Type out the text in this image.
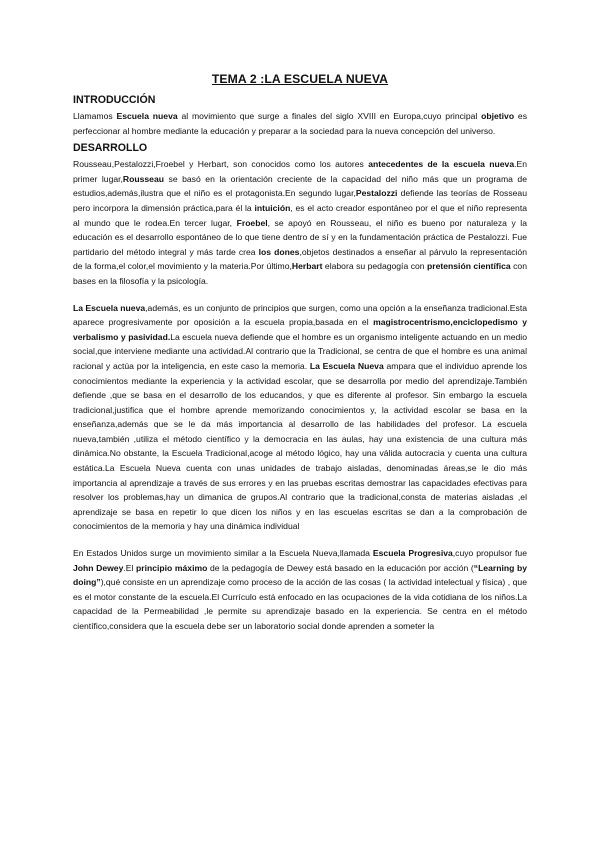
TEMA 2 :LA ESCUELA NUEVA
INTRODUCCIÓN

Llamamos Escuela nueva al movimiento que surge a finales del siglo XVIII en Europa,cuyo principal objetivo es perfeccionar al hombre mediante la educación y preparar a la sociedad para la nueva concepción del universo.

DESARROLLO

Rousseau,Pestalozzi,Froebel y Herbart, son conocidos como los autores antecedentes de la escuela nueva.En primer lugar,Rousseau se basó en la orientación creciente de la capacidad del niño más que un programa de estudios,además,ilustra que el niño es el protagonista.En segundo lugar,Pestalozzi defiende las teorías de Rosseau pero incorpora la dimensión práctica,para él la intuición, es el acto creador espontáneo por el que el niño representa al mundo que le rodea.En tercer lugar, Froebel, se apoyó en Rousseau, el niño es bueno por naturaleza y la educación es el desarrollo espontáneo de lo que tiene dentro de sí y en la fundamentación práctica de Pestalozzi. Fue partidario del método integral y más tarde crea los dones,objetos destinados a enseñar al párvulo la representación de la forma,el color,el movimiento y la materia.Por último,Herbart elabora su pedagogía con pretensión científica con bases en la filosofía y la psicología.

La Escuela nueva,además, es un conjunto de principios que surgen, como una opción a la enseñanza tradicional.Esta aparece progresivamente por oposición a la escuela propia,basada en el magistrocentrismo,enciclopedismo y verbalismo y pasividad.La escuela nueva defiende que el hombre es un organismo inteligente actuando en un medio social,que interviene mediante una actividad.Al contrario que la Tradicional, se centra de que el hombre es una animal racional y actúa por la inteligencia, en este caso la memoria. La Escuela Nueva ampara que el individuo aprende los conocimientos mediante la experiencia y la actividad escolar, que se desarrolla por medio del aprendizaje.También defiende ,que se basa en el desarrollo de los educandos, y que es diferente al profesor. Sin embargo la escuela tradicional,justifica que el hombre aprende memorizando conocimientos y, la actividad escolar se basa en la enseñanza,además que se le da más importancia al desarrollo de las habilidades del profesor. La escuela nueva,también ,utiliza el método científico y la democracia en las aulas, hay una existencia de una cultura más dinámica.No obstante, la Escuela Tradicional,acoge al método lógico, hay una válida autocracia y cuenta una cultura estática.La Escuela Nueva cuenta con unas unidades de trabajo aisladas, denominadas áreas,se le dio más importancia al aprendizaje a través de sus errores y en las pruebas escritas demostrar las capacidades efectivas para resolver los problemas,hay un dimanica de grupos.Al contrario que la tradicional,consta de materias aisladas ,el aprendizaje se basa en repetir lo que dicen los niños y en las escuelas escritas se dan a la comprobación de conocimientos de la memoria y hay una dinámica individual

En Estados Unidos surge un movimiento similar a la Escuela Nueva,llamada Escuela Progresiva,cuyo propulsor fue John Dewey.El principio máximo de la pedagogía de Dewey está basado en la educación por acción (“Learning by doing”),qué consiste en un aprendizaje como proceso de la acción de las cosas ( la actividad intelectual y física) , que es el motor constante de la escuela.El Currículo está enfocado en las ocupaciones de la vida cotidiana de los niños.La capacidad de la Permeabilidad ,le permite su aprendizaje basado en la experiencia. Se centra en el método científico,considera que la escuela debe ser un laboratorio social donde aprenden a someter la
